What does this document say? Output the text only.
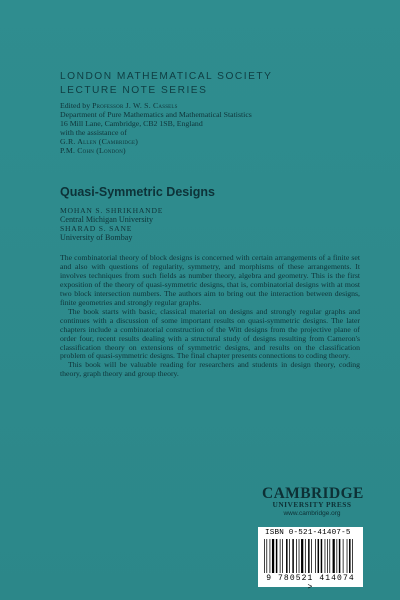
LONDON MATHEMATICAL SOCIETY
LECTURE NOTE SERIES
Edited by Professor J. W. S. Cassels
Department of Pure Mathematics and Mathematical Statistics
16 Mill Lane, Cambridge, CB2 1SB, England
with the assistance of
G.R. Allen (Cambridge)
P.M. Cohn (London)
Quasi-Symmetric Designs
MOHAN S. SHRIKHANDE
Central Michigan University
SHARAD S. SANE
University of Bombay

The combinatorial theory of block designs is concerned with certain arrangements of a finite set and also with questions of regularity, symmetry, and morphisms of these arrangements. It involves techniques from such fields as number theory, algebra and geometry. This is the first exposition of the theory of quasi-symmetric designs, that is, combinatorial designs with at most two block intersection numbers. The authors aim to bring out the interaction between designs, finite geometries and strongly regular graphs.

The book starts with basic, classical material on designs and strongly regular graphs and continues with a discussion of some important results on quasi-symmetric designs. The later chapters include a combinatorial construction of the Witt designs from the projective plane of order four, recent results dealing with a structural study of designs resulting from Cameron's classification theory on extensions of symmetric designs, and results on the classification problem of quasi-symmetric designs. The final chapter presents connections to coding theory.

This book will be valuable reading for researchers and students in design theory, coding theory, graph theory and group theory.

CAMBRIDGE
UNIVERSITY PRESS
www.cambridge.org
ISBN 0-521-41407-5
9 780521 414074 >
